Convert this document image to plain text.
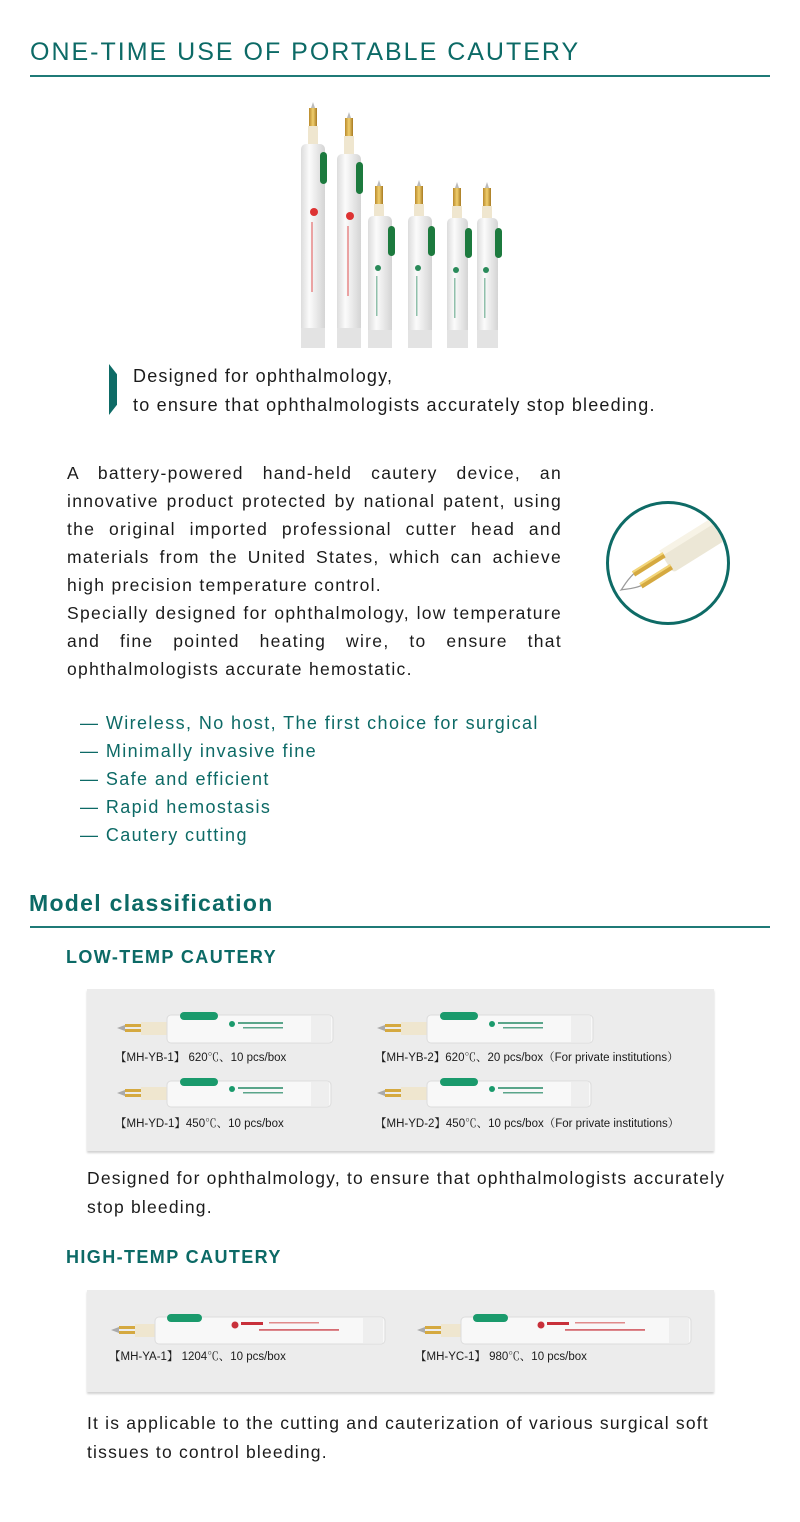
ONE-TIME USE OF PORTABLE CAUTERY
Designed for ophthalmology,
to ensure that ophthalmologists accurately stop bleeding.

A battery-powered hand-held cautery device, an innovative product protected by national patent, using the original imported professional cutter head and materials from the United States, which can achieve high precision temperature control.

Specially designed for ophthalmology, low temperature and fine pointed heating wire, to ensure that ophthalmologists accurate hemostatic.

— Wireless, No host, The first choice for surgical
— Minimally invasive fine
— Safe and efficient
— Rapid hemostasis
— Cautery cutting
Model classification
LOW-TEMP CAUTERY
【MH-YB-1】 620℃、10 pcs/box	【MH-YB-2】620℃、20 pcs/box（For private institutions）
【MH-YD-1】450℃、10 pcs/box	【MH-YD-2】450℃、10 pcs/box（For private institutions）
Designed for ophthalmology, to ensure that ophthalmologists accurately stop bleeding.
HIGH-TEMP CAUTERY
【MH-YA-1】 1204℃、10 pcs/box	【MH-YC-1】 980℃、10 pcs/box
It is applicable to the cutting and cauterization of various surgical soft tissues to control bleeding.
